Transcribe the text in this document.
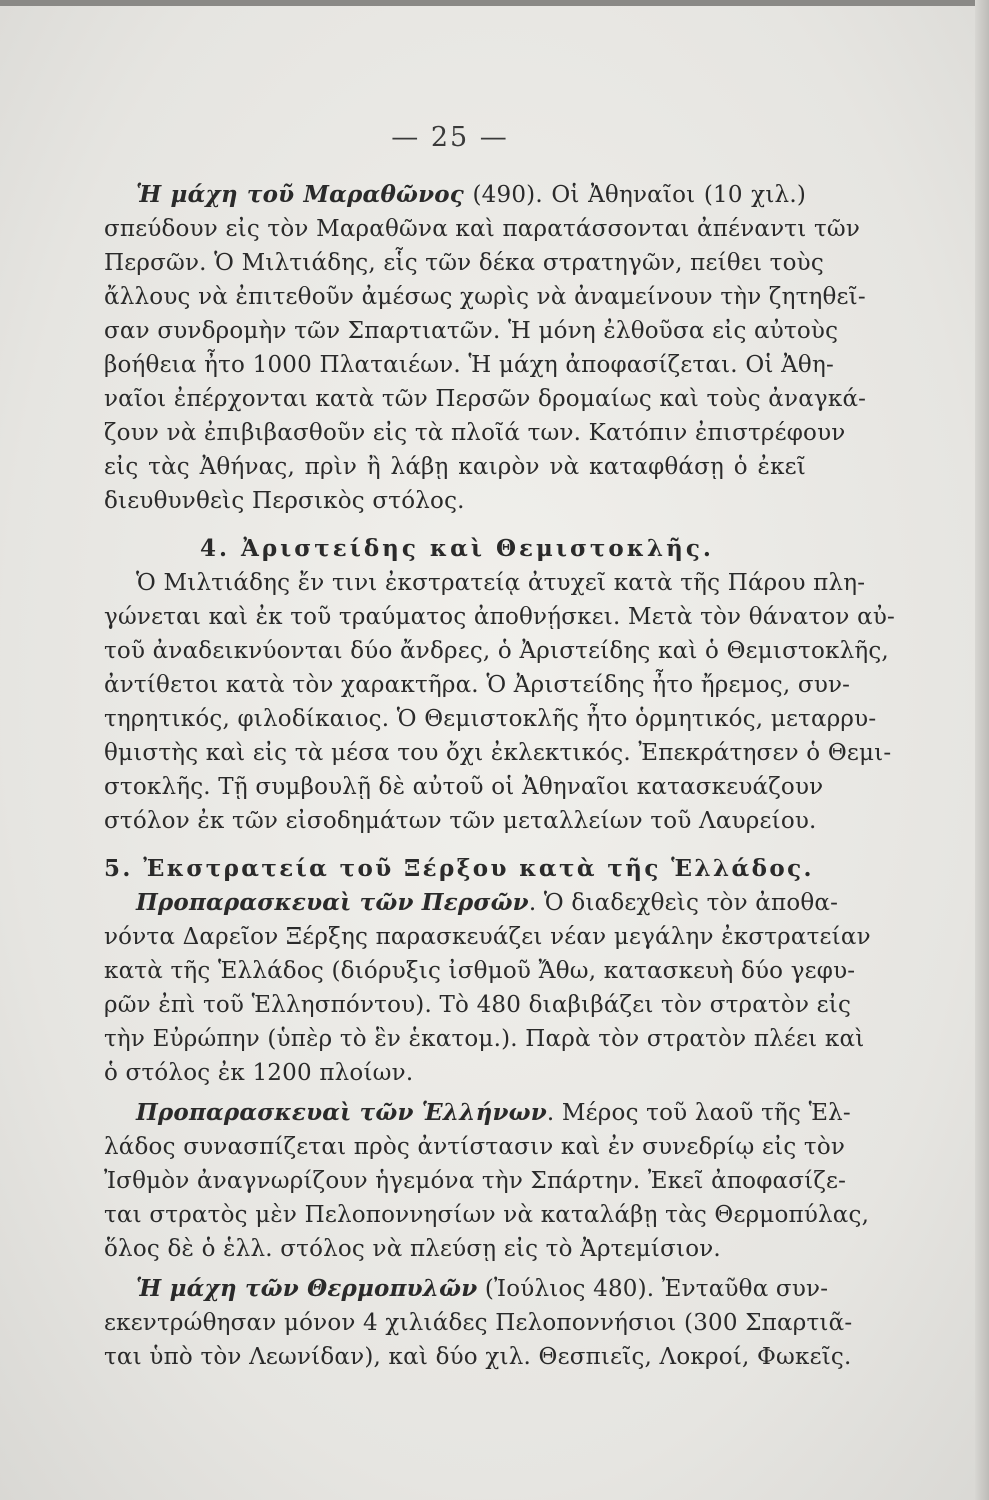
— 25 —
Ἡ μάχη τοῦ Μαραθῶνος (490). Οἱ Ἀθηναῖοι (10 χιλ.)
σπεύδουν εἰς τὸν Μαραθῶνα καὶ παρατάσσονται ἀπέναντι τῶν
Περσῶν. Ὁ Μιλτιάδης, εἷς τῶν δέκα στρατηγῶν, πείθει τοὺς
ἄλλους νὰ ἐπιτεθοῦν ἀμέσως χωρὶς νὰ ἀναμείνουν τὴν ζητηθεῖ-
σαν συνδρομὴν τῶν Σπαρτιατῶν. Ἡ μόνη ἐλθοῦσα εἰς αὐτοὺς
βοήθεια ἦτο 1000 Πλαταιέων. Ἡ μάχη ἀποφασίζεται. Οἱ Ἀθη-
ναῖοι ἐπέρχονται κατὰ τῶν Περσῶν δρομαίως καὶ τοὺς ἀναγκά-
ζουν νὰ ἐπιβιβασθοῦν εἰς τὰ πλοῖά των. Κατόπιν ἐπιστρέφουν
εἰς τὰς Ἀθήνας, πρὶν ἢ λάβῃ καιρὸν νὰ καταφθάσῃ ὁ ἐκεῖ
διευθυνθεὶς Περσικὸς στόλος.
4. Ἀριστείδης καὶ Θεμιστοκλῆς.
Ὁ Μιλτιάδης ἔν τινι ἐκστρατείᾳ ἀτυχεῖ κατὰ τῆς Πάρου πλη-
γώνεται καὶ ἐκ τοῦ τραύματος ἀποθνῄσκει. Μετὰ τὸν θάνατον αὐ-
τοῦ ἀναδεικνύονται δύο ἄνδρες, ὁ Ἀριστείδης καὶ ὁ Θεμιστοκλῆς,
ἀντίθετοι κατὰ τὸν χαρακτῆρα. Ὁ Ἀριστείδης ἦτο ἤρεμος, συν-
τηρητικός, φιλοδίκαιος. Ὁ Θεμιστοκλῆς ἦτο ὁρμητικός, μεταρρυ-
θμιστὴς καὶ εἰς τὰ μέσα του ὄχι ἐκλεκτικός. Ἐπεκράτησεν ὁ Θεμι-
στοκλῆς. Τῇ συμβουλῇ δὲ αὐτοῦ οἱ Ἀθηναῖοι κατασκευάζουν
στόλον ἐκ τῶν εἰσοδημάτων τῶν μεταλλείων τοῦ Λαυρείου.
5. Ἐκστρατεία τοῦ Ξέρξου κατὰ τῆς Ἑλλάδος.
Προπαρασκευαὶ τῶν Περσῶν. Ὁ διαδεχθεὶς τὸν ἀποθα-
νόντα Δαρεῖον Ξέρξης παρασκευάζει νέαν μεγάλην ἐκστρατείαν
κατὰ τῆς Ἑλλάδος (διόρυξις ἰσθμοῦ Ἄθω, κατασκευὴ δύο γεφυ-
ρῶν ἐπὶ τοῦ Ἑλλησπόντου). Τὸ 480 διαβιβάζει τὸν στρατὸν εἰς
τὴν Εὐρώπην (ὑπὲρ τὸ ἓν ἑκατομ.). Παρὰ τὸν στρατὸν πλέει καὶ
ὁ στόλος ἐκ 1200 πλοίων.
Προπαρασκευαὶ τῶν Ἑλλήνων. Μέρος τοῦ λαοῦ τῆς Ἑλ-
λάδος συνασπίζεται πρὸς ἀντίστασιν καὶ ἐν συνεδρίῳ εἰς τὸν
Ἰσθμὸν ἀναγνωρίζουν ἡγεμόνα τὴν Σπάρτην. Ἐκεῖ ἀποφασίζε-
ται στρατὸς μὲν Πελοποννησίων νὰ καταλάβῃ τὰς Θερμοπύλας,
ὅλος δὲ ὁ ἑλλ. στόλος νὰ πλεύσῃ εἰς τὸ Ἀρτεμίσιον.
Ἡ μάχη τῶν Θερμοπυλῶν (Ἰούλιος 480). Ἐνταῦθα συν-
εκεντρώθησαν μόνον 4 χιλιάδες Πελοποννήσιοι (300 Σπαρτιᾶ-
ται ὑπὸ τὸν Λεωνίδαν), καὶ δύο χιλ. Θεσπιεῖς, Λοκροί, Φωκεῖς.
